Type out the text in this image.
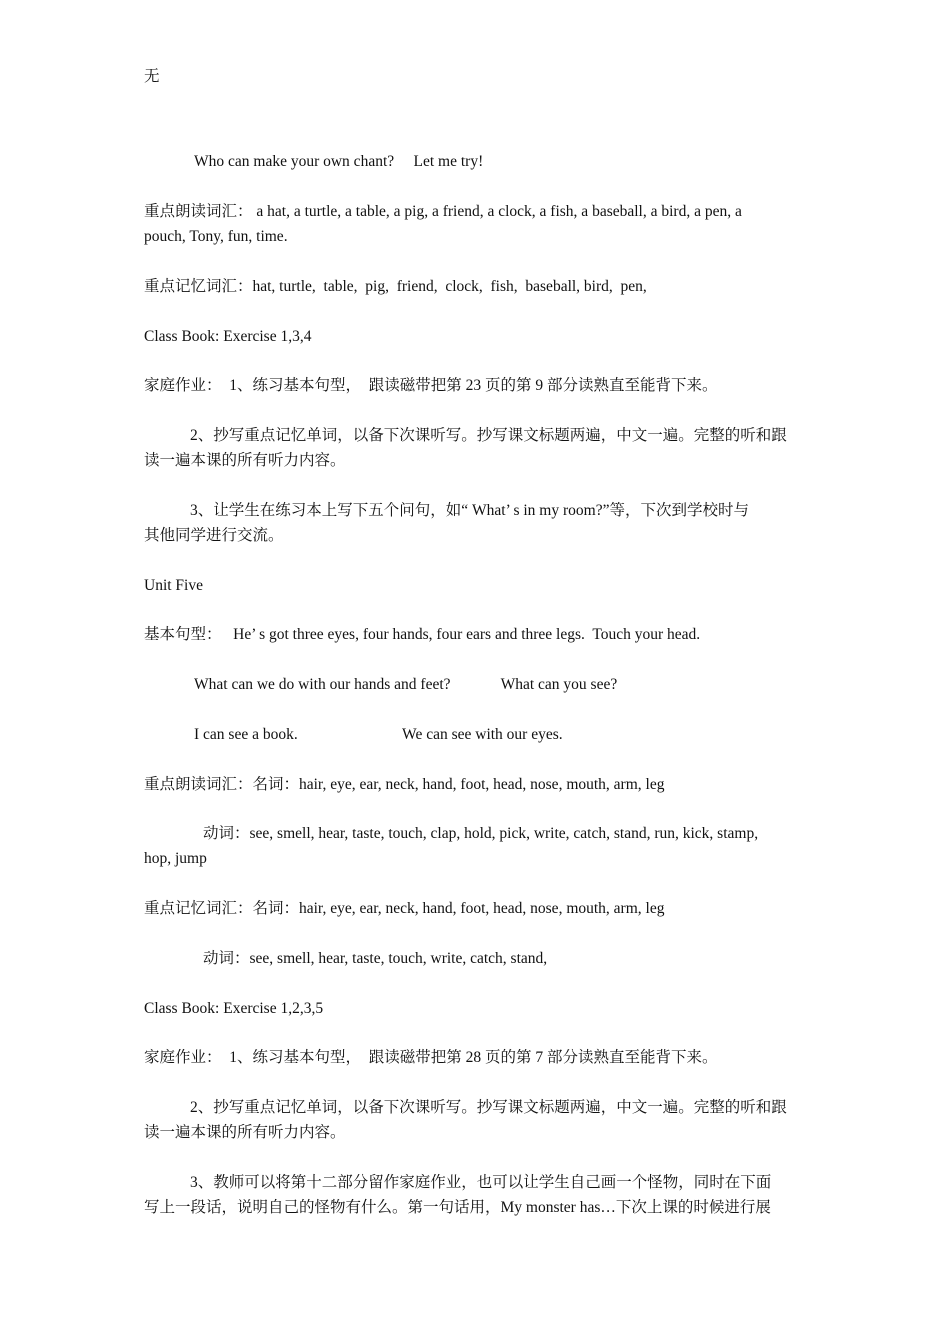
无
Who can make your own chant?     Let me try!
重点朗读词汇： a hat, a turtle, a table, a pig, a friend, a clock, a fish, a baseball, a bird, a pen, a
pouch, Tony, fun, time.
重点记忆词汇：hat, turtle,  table,  pig,  friend,  clock,  fish,  baseball, bird,  pen,
Class Book: Exercise 1,3,4
家庭作业：  1、练习基本句型，  跟读磁带把第 23 页的第 9 部分读熟直至能背下来。
2、抄写重点记忆单词，以备下次课听写。抄写课文标题两遍，中文一遍。完整的听和跟
读一遍本课的所有听力内容。
3、让学生在练习本上写下五个问句，如“ What’ s in my room?”等，下次到学校时与
其他同学进行交流。
Unit Five
基本句型：   He’ s got three eyes, four hands, four ears and three legs.  Touch your head.
What can we do with our hands and feet?             What can you see?
I can see a book.                           We can see with our eyes.
重点朗读词汇：名词：hair, eye, ear, neck, hand, foot, head, nose, mouth, arm, leg
动词：see, smell, hear, taste, touch, clap, hold, pick, write, catch, stand, run, kick, stamp,
hop, jump
重点记忆词汇：名词：hair, eye, ear, neck, hand, foot, head, nose, mouth, arm, leg
动词：see, smell, hear, taste, touch, write, catch, stand,
Class Book: Exercise 1,2,3,5
家庭作业：  1、练习基本句型，  跟读磁带把第 28 页的第 7 部分读熟直至能背下来。
2、抄写重点记忆单词，以备下次课听写。抄写课文标题两遍，中文一遍。完整的听和跟
读一遍本课的所有听力内容。
3、教师可以将第十二部分留作家庭作业，也可以让学生自己画一个怪物，同时在下面
写上一段话，说明自己的怪物有什么。第一句话用，My monster has…下次上课的时候进行展
